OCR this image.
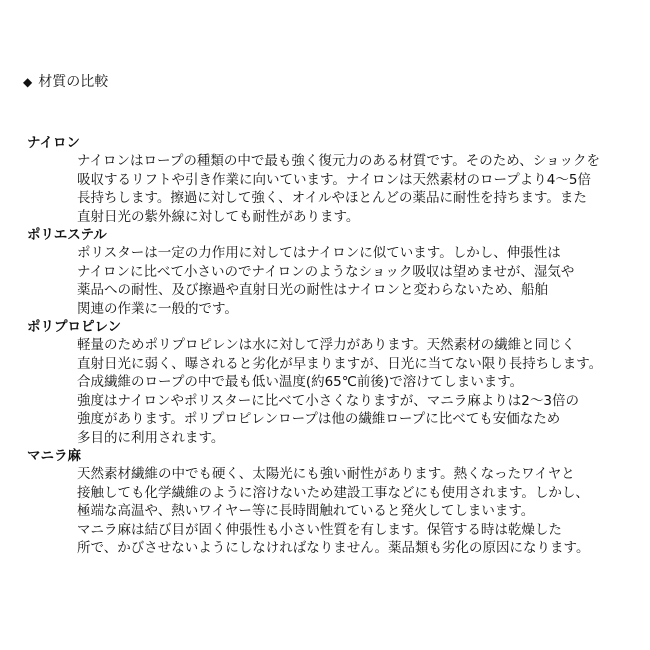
◆ 材質の比較
ナイロン
ナイロンはロープの種類の中で最も強く復元力のある材質です。そのため、ショックを
吸収するリフトや引き作業に向いています。ナイロンは天然素材のロープより4～5倍
長持ちします。擦過に対して強く、オイルやほとんどの薬品に耐性を持ちます。また
直射日光の紫外線に対しても耐性があります。
ポリエステル
ポリスターは一定の力作用に対してはナイロンに似ています。しかし、伸張性は
ナイロンに比べて小さいのでナイロンのようなショック吸収は望めませが、湿気や
薬品への耐性、及び擦過や直射日光の耐性はナイロンと変わらないため、船舶
関連の作業に一般的です。
ポリプロピレン
軽量のためポリプロピレンは水に対して浮力があります。天然素材の繊維と同じく
直射日光に弱く、曝されると劣化が早まりますが、日光に当てない限り長持ちします。
合成繊維のロープの中で最も低い温度(約65℃前後)で溶けてしまいます。
強度はナイロンやポリスターに比べて小さくなりますが、マニラ麻よりは2～3倍の
強度があります。ポリプロピレンロープは他の繊維ロープに比べても安価なため
多目的に利用されます。
マニラ麻
天然素材繊維の中でも硬く、太陽光にも強い耐性があります。熱くなったワイヤと
接触しても化学繊維のように溶けないため建設工事などにも使用されます。しかし、
極端な高温や、熱いワイヤー等に長時間触れていると発火してしまいます。
マニラ麻は結び目が固く伸張性も小さい性質を有します。保管する時は乾燥した
所で、かびさせないようにしなければなりません。薬品類も劣化の原因になります。
